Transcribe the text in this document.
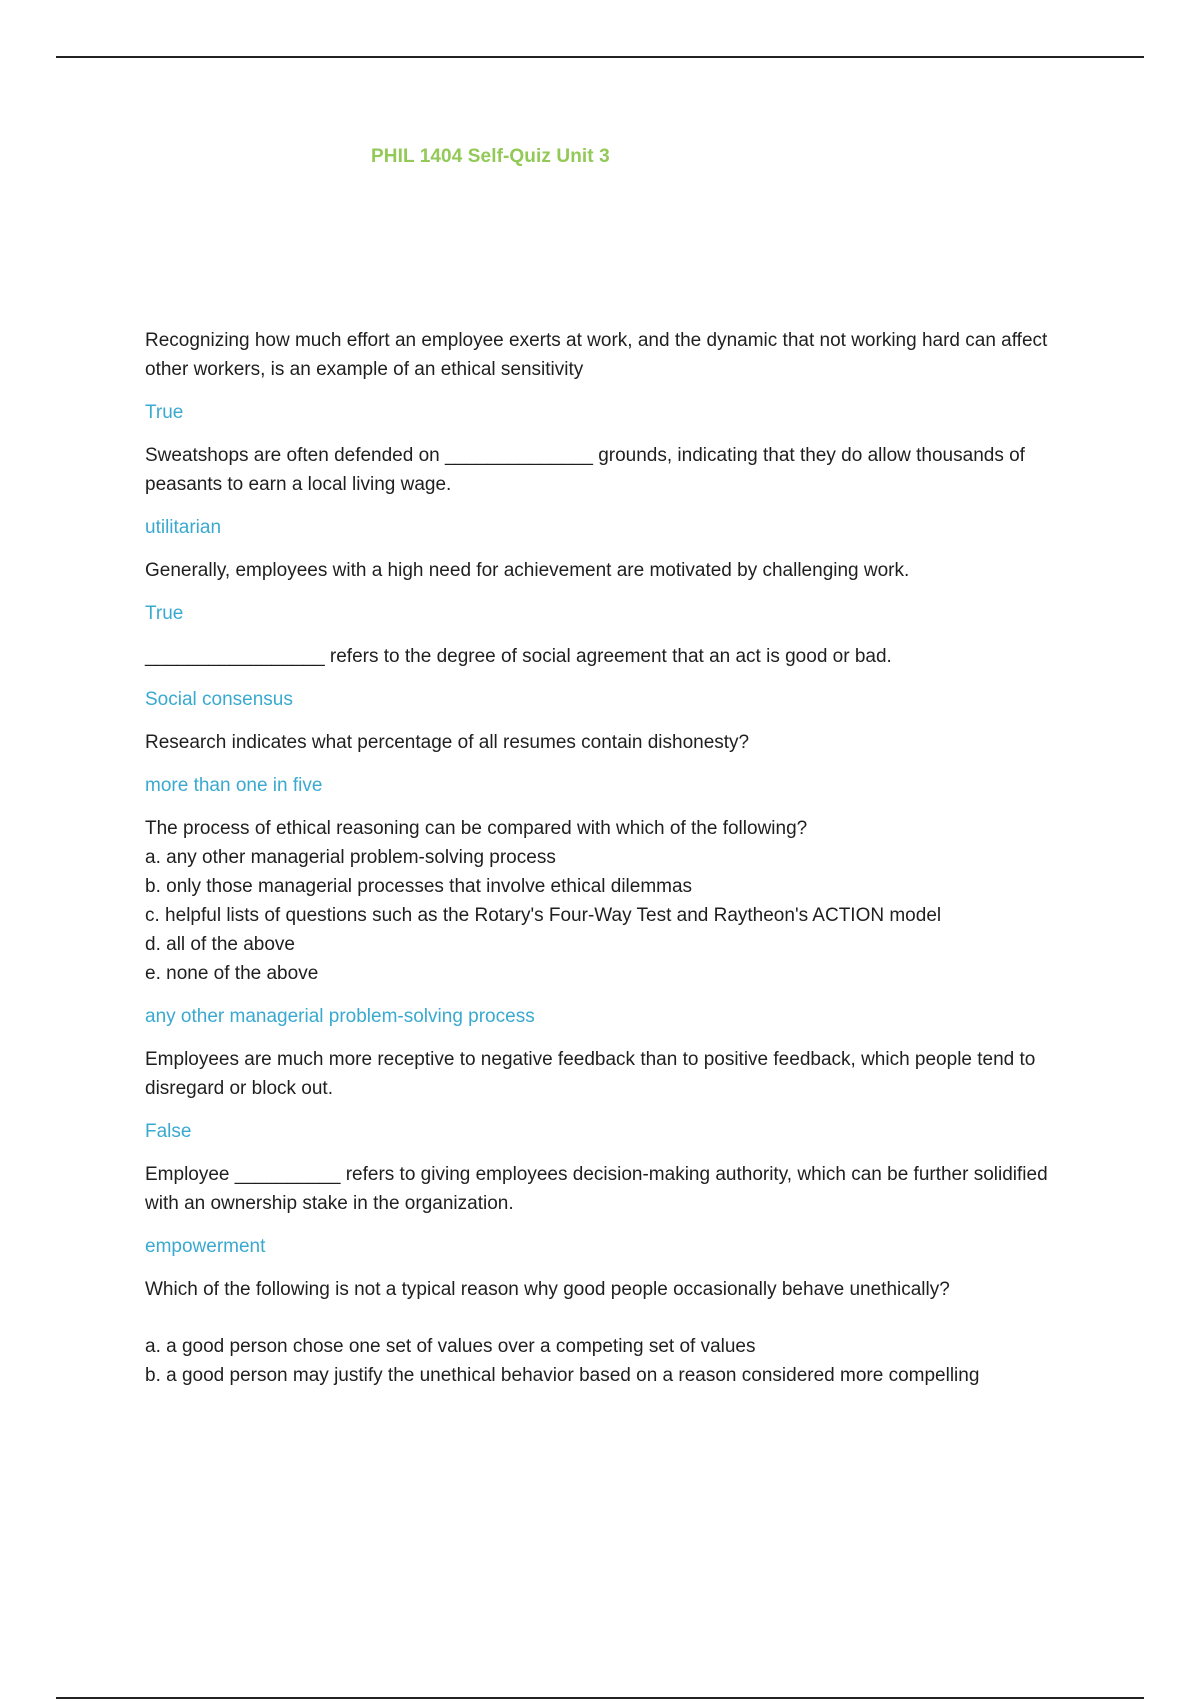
PHIL 1404 Self-Quiz Unit 3

Recognizing how much effort an employee exerts at work, and the dynamic that not working hard can affect other workers, is an example of an ethical sensitivity

True

Sweatshops are often defended on ______________ grounds, indicating that they do allow thousands of peasants to earn a local living wage.

utilitarian

Generally, employees with a high need for achievement are motivated by challenging work.

True

_________________ refers to the degree of social agreement that an act is good or bad.

Social consensus

Research indicates what percentage of all resumes contain dishonesty?

more than one in five

The process of ethical reasoning can be compared with which of the following?

a. any other managerial problem-solving process
b. only those managerial processes that involve ethical dilemmas
c. helpful lists of questions such as the Rotary's Four-Way Test and Raytheon's ACTION model
d. all of the above
e. none of the above

any other managerial problem-solving process

Employees are much more receptive to negative feedback than to positive feedback, which people tend to disregard or block out.

False

Employee __________ refers to giving employees decision-making authority, which can be further solidified with an ownership stake in the organization.

empowerment

Which of the following is not a typical reason why good people occasionally behave unethically?

a. a good person chose one set of values over a competing set of values
b. a good person may justify the unethical behavior based on a reason considered more compelling
